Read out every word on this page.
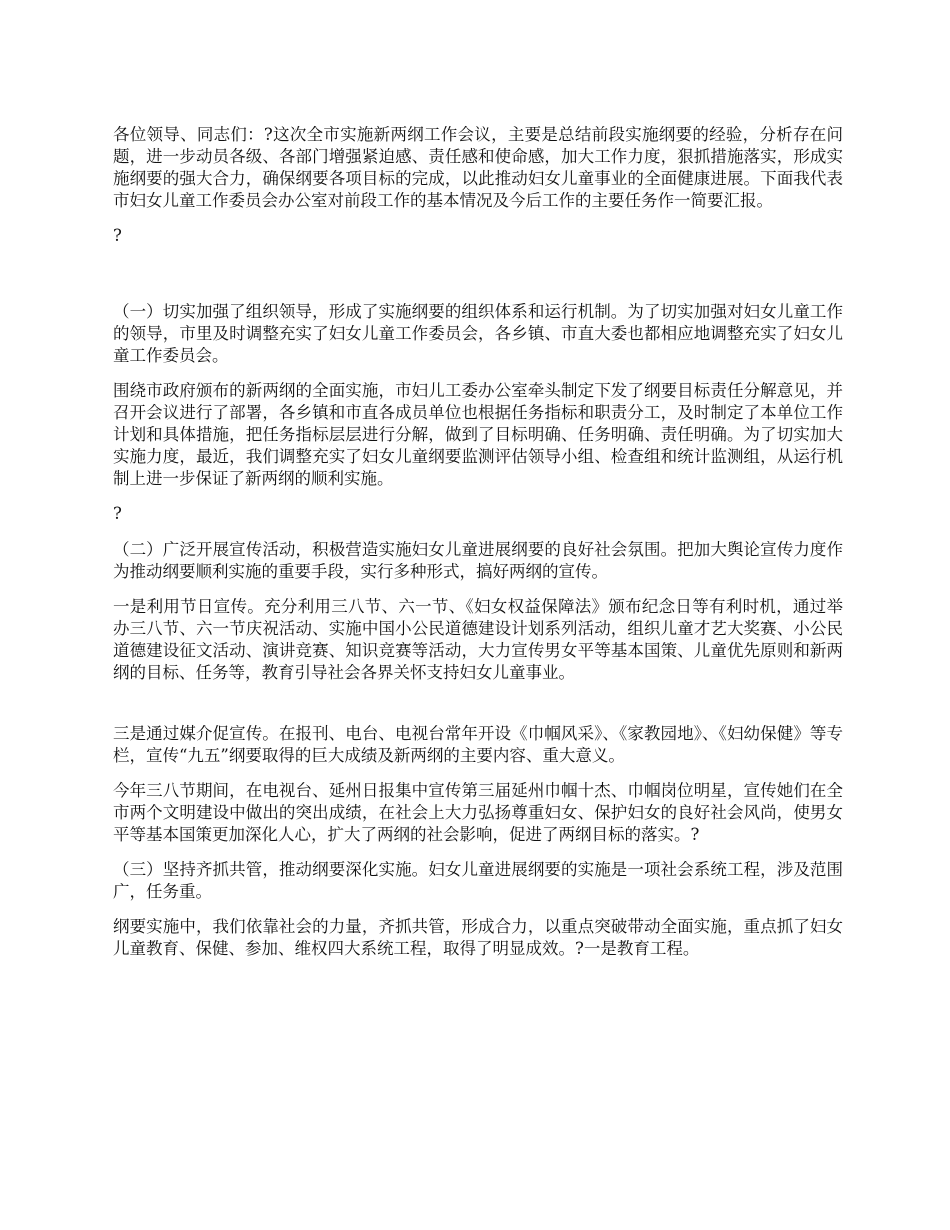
各位领导、同志们：?这次全市实施新两纲工作会议，主要是总结前段实施纲要的经验，分析存在问题，进一步动员各级、各部门增强紧迫感、责任感和使命感，加大工作力度，狠抓措施落实，形成实施纲要的强大合力，确保纲要各项目标的完成，以此推动妇女儿童事业的全面健康进展。下面我代表市妇女儿童工作委员会办公室对前段工作的基本情况及今后工作的主要任务作一简要汇报。

?

（一）切实加强了组织领导，形成了实施纲要的组织体系和运行机制。为了切实加强对妇女儿童工作的领导，市里及时调整充实了妇女儿童工作委员会，各乡镇、市直大委也都相应地调整充实了妇女儿童工作委员会。

围绕市政府颁布的新两纲的全面实施，市妇儿工委办公室牵头制定下发了纲要目标责任分解意见，并召开会议进行了部署，各乡镇和市直各成员单位也根据任务指标和职责分工，及时制定了本单位工作计划和具体措施，把任务指标层层进行分解，做到了目标明确、任务明确、责任明确。为了切实加大实施力度，最近，我们调整充实了妇女儿童纲要监测评估领导小组、检查组和统计监测组，从运行机制上进一步保证了新两纲的顺利实施。

?

（二）广泛开展宣传活动，积极营造实施妇女儿童进展纲要的良好社会氛围。把加大舆论宣传力度作为推动纲要顺利实施的重要手段，实行多种形式，搞好两纲的宣传。

一是利用节日宣传。充分利用三八节、六一节、《妇女权益保障法》颁布纪念日等有利时机，通过举办三八节、六一节庆祝活动、实施中国小公民道德建设计划系列活动，组织儿童才艺大奖赛、小公民道德建设征文活动、演讲竞赛、知识竞赛等活动，大力宣传男女平等基本国策、儿童优先原则和新两纲的目标、任务等，教育引导社会各界关怀支持妇女儿童事业。

三是通过媒介促宣传。在报刊、电台、电视台常年开设《巾帼风采》、《家教园地》、《妇幼保健》等专栏，宣传“九五”纲要取得的巨大成绩及新两纲的主要内容、重大意义。

今年三八节期间，在电视台、延州日报集中宣传第三届延州巾帼十杰、巾帼岗位明星，宣传她们在全市两个文明建设中做出的突出成绩，在社会上大力弘扬尊重妇女、保护妇女的良好社会风尚，使男女平等基本国策更加深化人心，扩大了两纲的社会影响，促进了两纲目标的落实。?

（三）坚持齐抓共管，推动纲要深化实施。妇女儿童进展纲要的实施是一项社会系统工程，涉及范围广，任务重。

纲要实施中，我们依靠社会的力量，齐抓共管，形成合力，以重点突破带动全面实施，重点抓了妇女儿童教育、保健、参加、维权四大系统工程，取得了明显成效。?一是教育工程。
